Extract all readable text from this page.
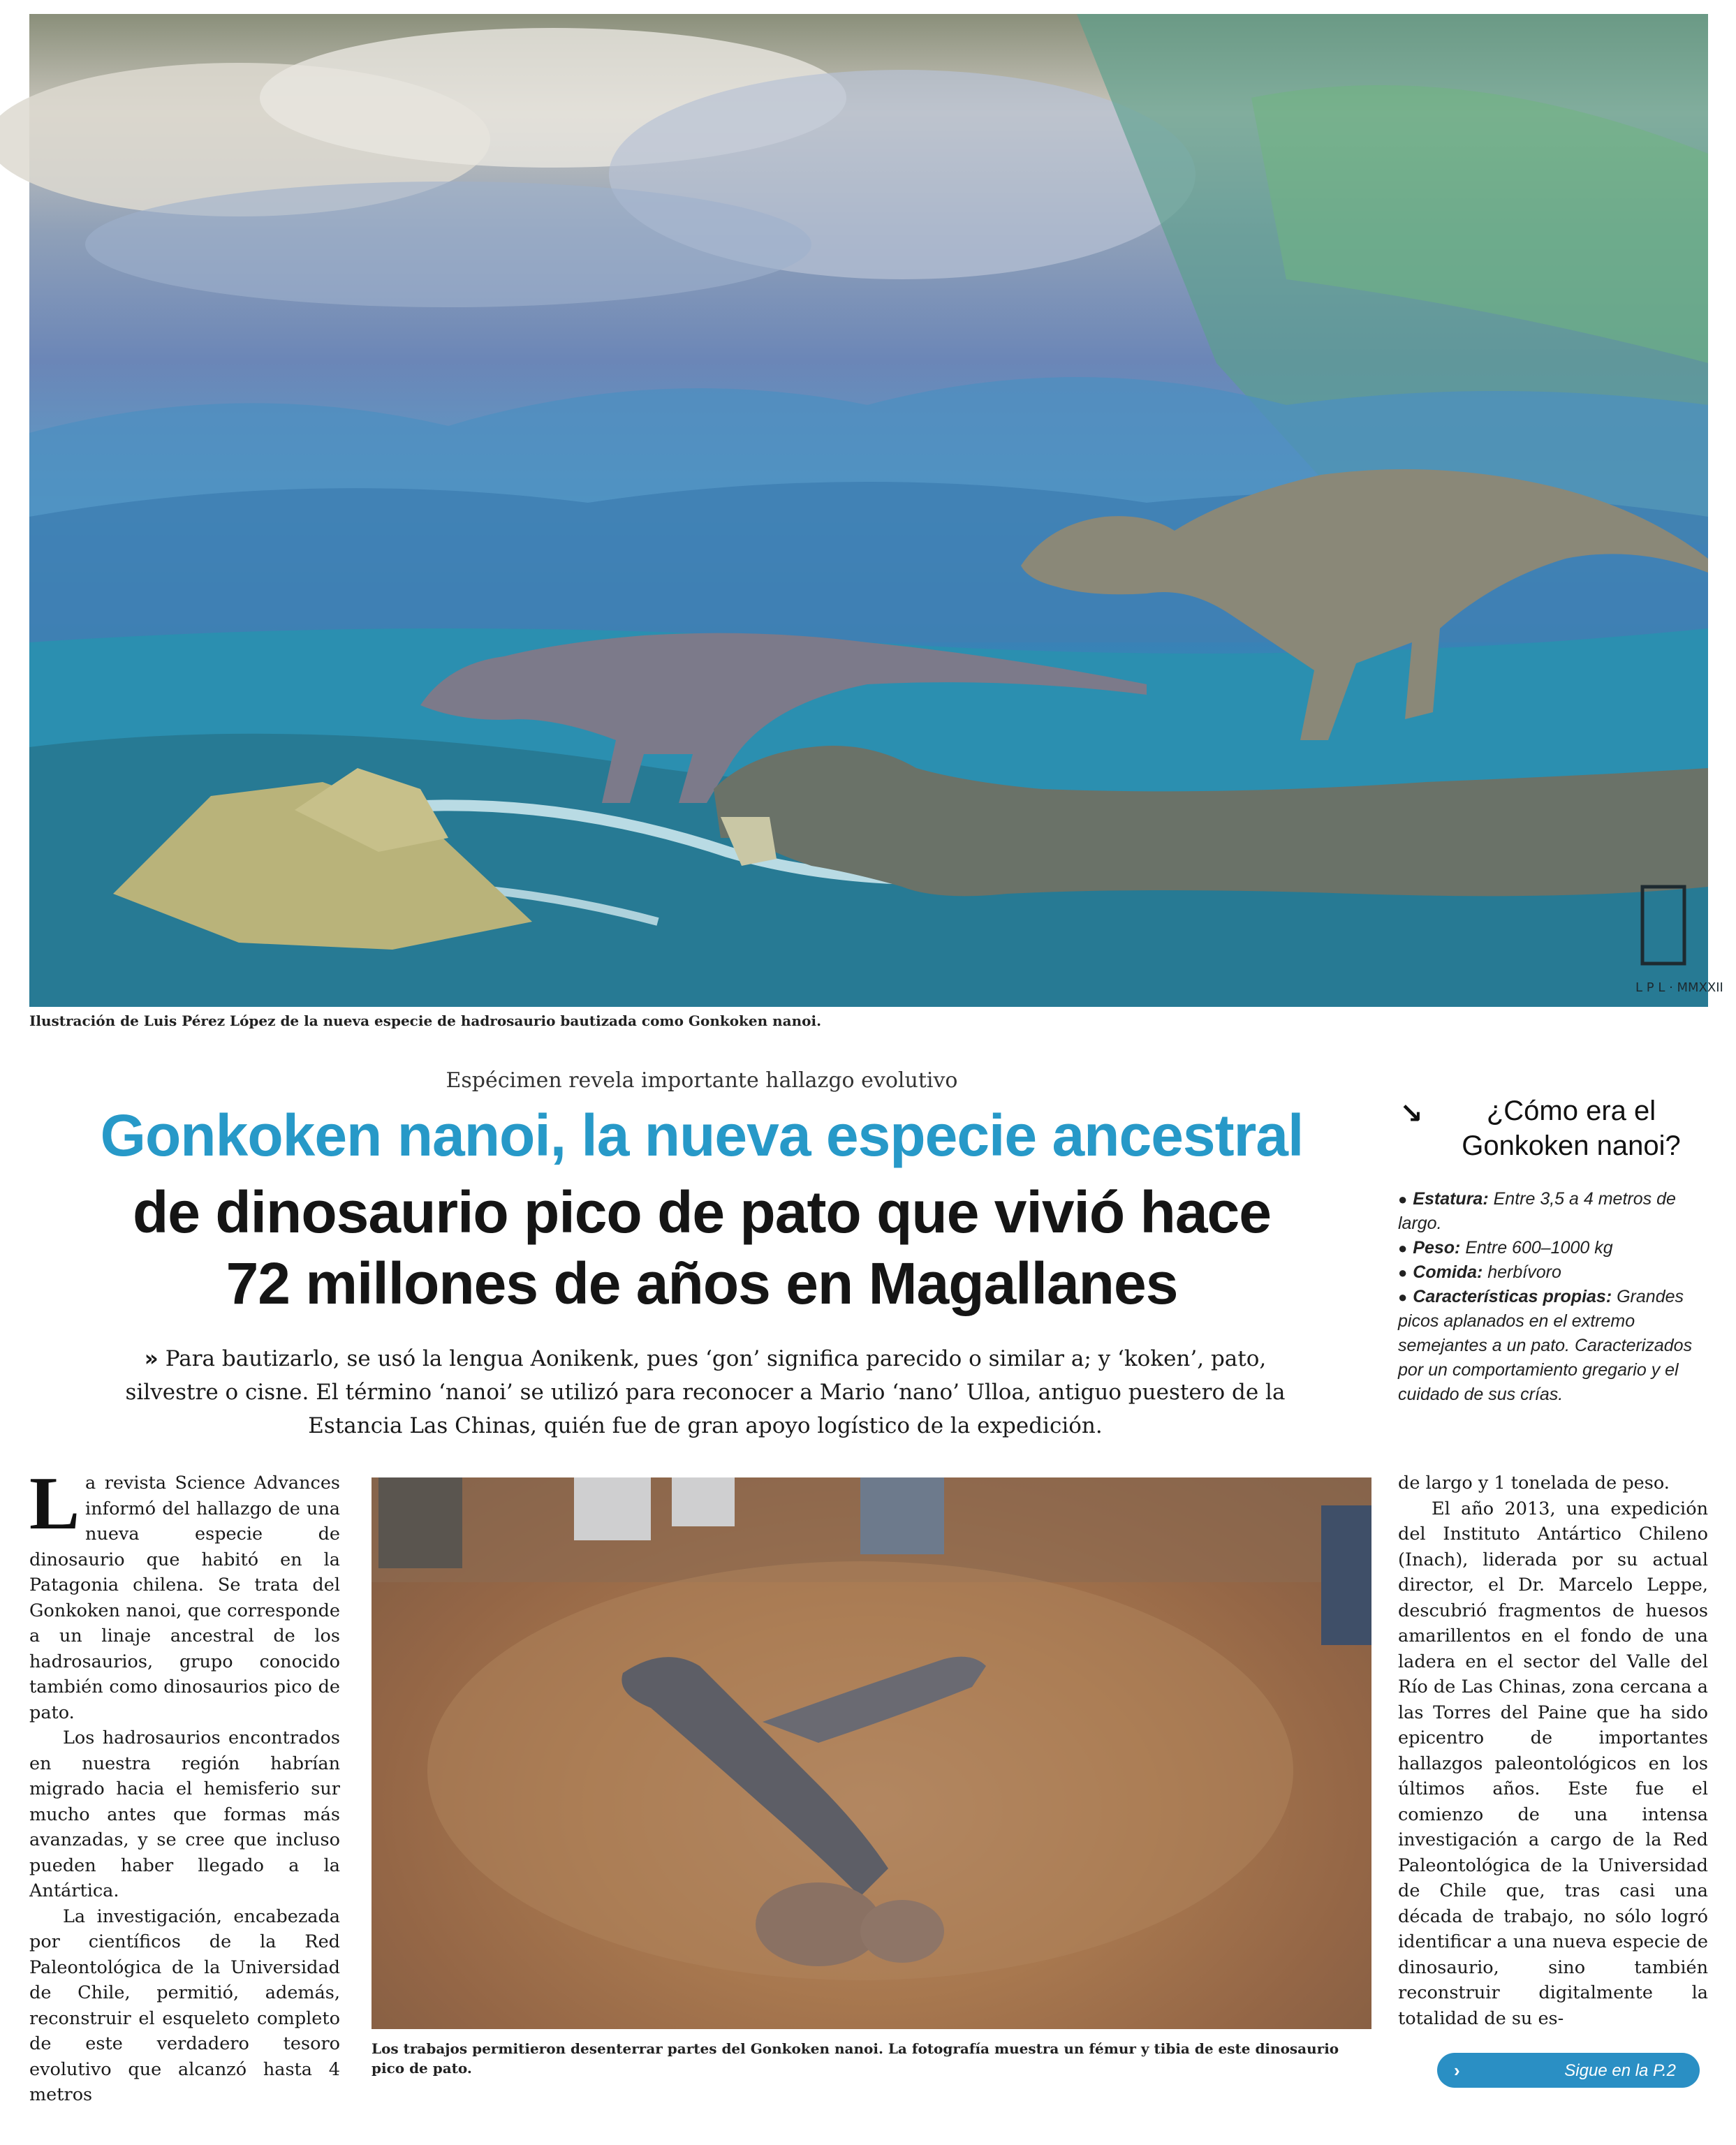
L P L · MMXXII
Ilustración de Luis Pérez López de la nueva especie de hadrosaurio bautizada como Gonkoken nanoi.
Espécimen revela importante hallazgo evolutivo
Gonkoken nanoi, la nueva especie ancestral
de dinosaurio pico de pato que vivió hace
72 millones de años en Magallanes
» Para bautizarlo, se usó la lengua Aonikenk, pues ‘gon’ significa parecido o similar a; y ‘koken’, pato, silvestre o cisne. El término ‘nanoi’ se utilizó para reconocer a Mario ‘nano’ Ulloa, antiguo puestero de la Estancia Las Chinas, quién fue de gran apoyo logístico de la expedición.
↘	¿Cómo era el Gonkoken nanoi?
● Estatura: Entre 3,5 a 4 metros de largo.
● Peso: Entre 600–1000 kg
● Comida: herbívoro
● Características propias: Grandes picos aplanados en el extremo semejantes a un pato. Caracterizados por un comportamiento gregario y el cuidado de sus crías.

La revista Science Advances informó del hallazgo de una nueva especie de dinosaurio que habitó en la Patagonia chilena. Se trata del Gonkoken nanoi, que corresponde a un linaje ancestral de los hadrosaurios, grupo conocido también como dinosaurios pico de pato.

Los hadrosaurios encontrados en nuestra región habrían migrado hacia el hemisferio sur mucho antes que formas más avanzadas, y se cree que incluso pueden haber llegado a la Antártica.

La investigación, encabezada por científicos de la Red Paleontológica de la Universidad de Chile, permitió, además, reconstruir el esqueleto completo de este verdadero tesoro evolutivo que alcanzó hasta 4 metros

Los trabajos permitieron desenterrar partes del Gonkoken nanoi. La fotografía muestra un fémur y tibia de este dinosaurio pico de pato.

de largo y 1 tonelada de peso.

El año 2013, una expedición del Instituto Antártico Chileno (Inach), liderada por su actual director, el Dr. Marcelo Leppe, descubrió fragmentos de huesos amarillentos en el fondo de una ladera en el sector del Valle del Río de Las Chinas, zona cercana a las Torres del Paine que ha sido epicentro de importantes hallazgos paleontológicos en los últimos años. Este fue el comienzo de una intensa investigación a cargo de la Red Paleontológica de la Universidad de Chile que, tras casi una década de trabajo, no sólo logró identificar a una nueva especie de dinosaurio, sino también reconstruir digitalmente la totalidad de su es-

›	Sigue en la P.2
